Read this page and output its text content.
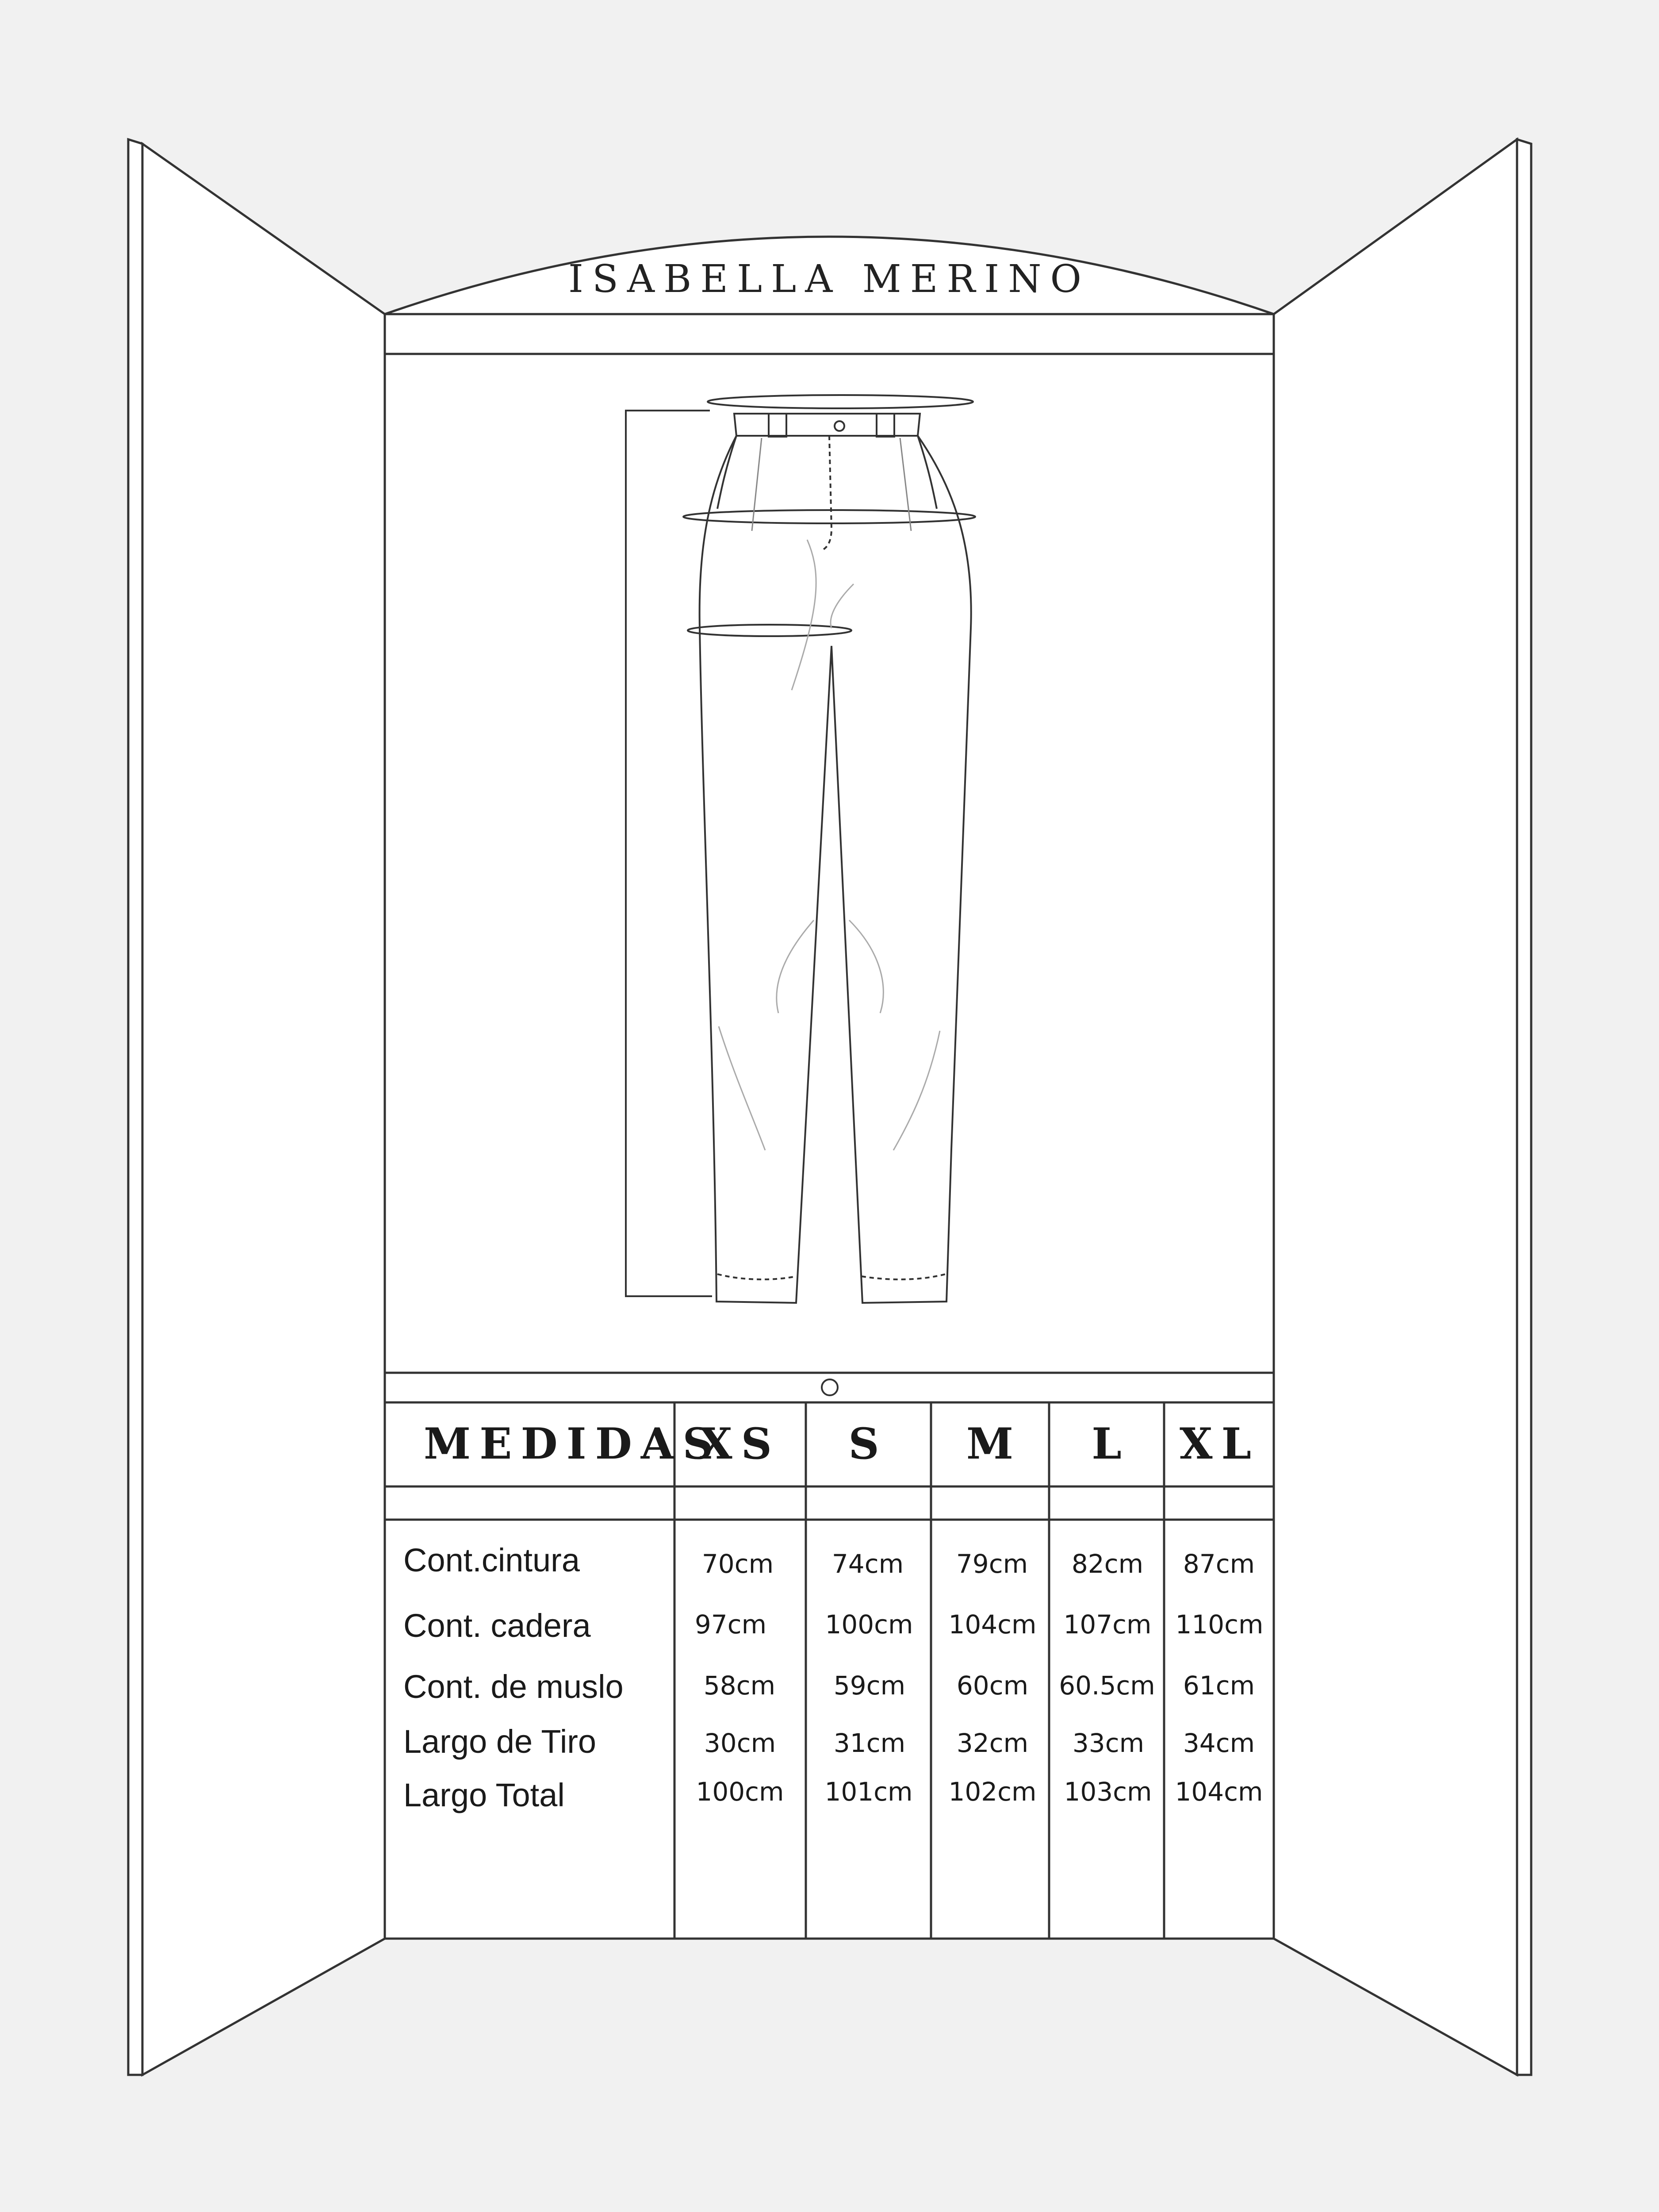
ISABELLA MERINO
MEDIDAS
XS S M L XL
Cont.cintura
Cont. cadera
Cont. de muslo
Largo de Tiro
Largo Total
70cm 74cm 79cm 82cm 87cm
97cm 100cm 104cm 107cm 110cm
58cm 59cm 60cm 60.5cm 61cm
30cm 31cm 32cm 33cm 34cm
100cm 101cm 102cm 103cm 104cm
